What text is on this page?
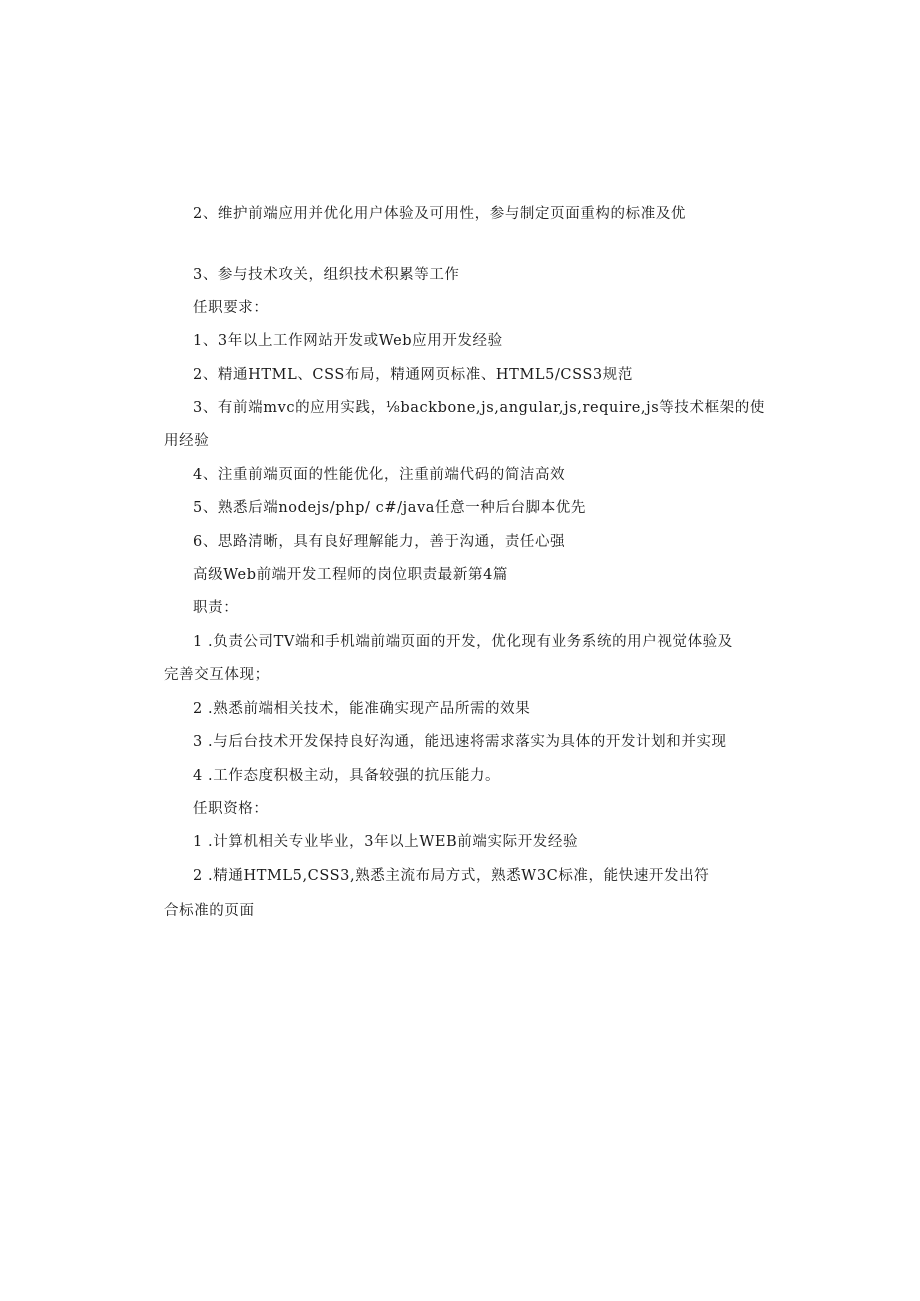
2、维护前端应用并优化用户体验及可用性，参与制定页面重构的标准及优
3、参与技术攻关，组织技术积累等工作
任职要求：
1、3年以上工作网站开发或Web应用开发经验
2、精通HTML、CSS布局，精通网页标准、HTML5/CSS3规范
3、有前端mvc的应用实践，⅛backbone,js,angular,js,require,js等技术框架的使
用经验
4、注重前端页面的性能优化，注重前端代码的简洁高效
5、熟悉后端nodejs/php/ c#/java任意一种后台脚本优先
6、思路清晰，具有良好理解能力，善于沟通，责任心强
高级Web前端开发工程师的岗位职责最新第4篇
职责：
1 .负责公司TV端和手机端前端页面的开发，优化现有业务系统的用户视觉体验及
完善交互体现；
2 .熟悉前端相关技术，能准确实现产品所需的效果
3 .与后台技术开发保持良好沟通，能迅速将需求落实为具体的开发计划和并实现
4 .工作态度积极主动，具备较强的抗压能力。
任职资格：
1 .计算机相关专业毕业，3年以上WEB前端实际开发经验
2 .精通HTML5,CSS3,熟悉主流布局方式，熟悉W3C标准，能快速开发出符
合标准的页面
